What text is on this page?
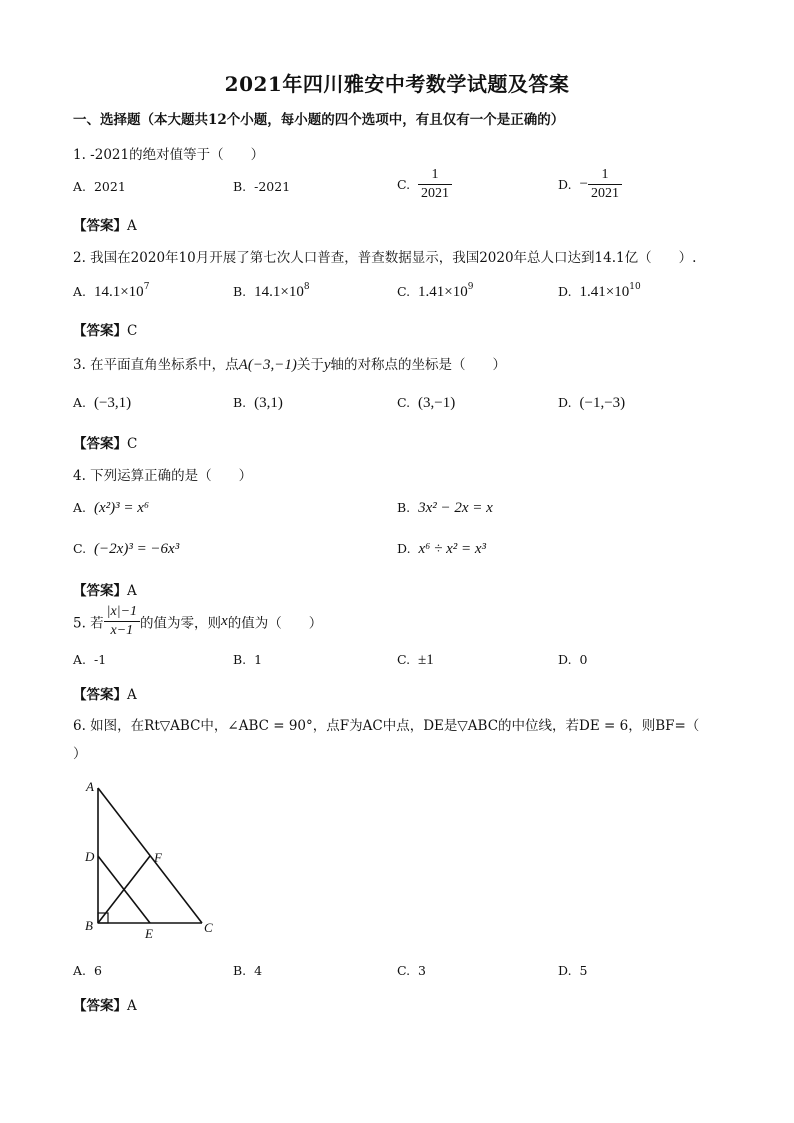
2021年四川雅安中考数学试题及答案
一、选择题（本大题共12个小题，每小题的四个选项中，有且仅有一个是正确的）
1. -2021的绝对值等于（　　）
A. 2021	B. -2021	C. $\frac{1}{2021}$	D. − $\frac{1}{2021}$
【答案】A
2. 我国在2020年10月开展了第七次人口普查，普查数据显示，我国2020年总人口达到14.1亿（　　）.
A. $14.1\times 10^7$	B. $14.1\times 10^8$	C. $1.41\times 10^9$	D. $1.41\times 10^{10}$
【答案】C
3. 在平面直角坐标系中，点A(−3,−1)关于y轴的对称点的坐标是（　　）
A. (−3,1)	B. (3,1)	C. (3,−1)	D. (−1,−3)
【答案】C
4. 下列运算正确的是（　　）
A. (x²)³ = x⁶	B. 3x² − 2x = x
C. (−2x)³ = −6x³	D. x⁶ ÷ x² = x³
【答案】A
5. 若 $\frac{|x|-1}{x-1}$ 的值为零，则x的值为（　　）
A. -1	B. 1	C. ±1	D. 0
【答案】A
6. 如图，在Rt▽ABC中，∠ABC = 90°，点F为AC中点，DE是▽ABC的中位线，若DE = 6，则BF=（
）
A
D	F
B
E	C
A. 6	B. 4	C. 3	D. 5
【答案】A
